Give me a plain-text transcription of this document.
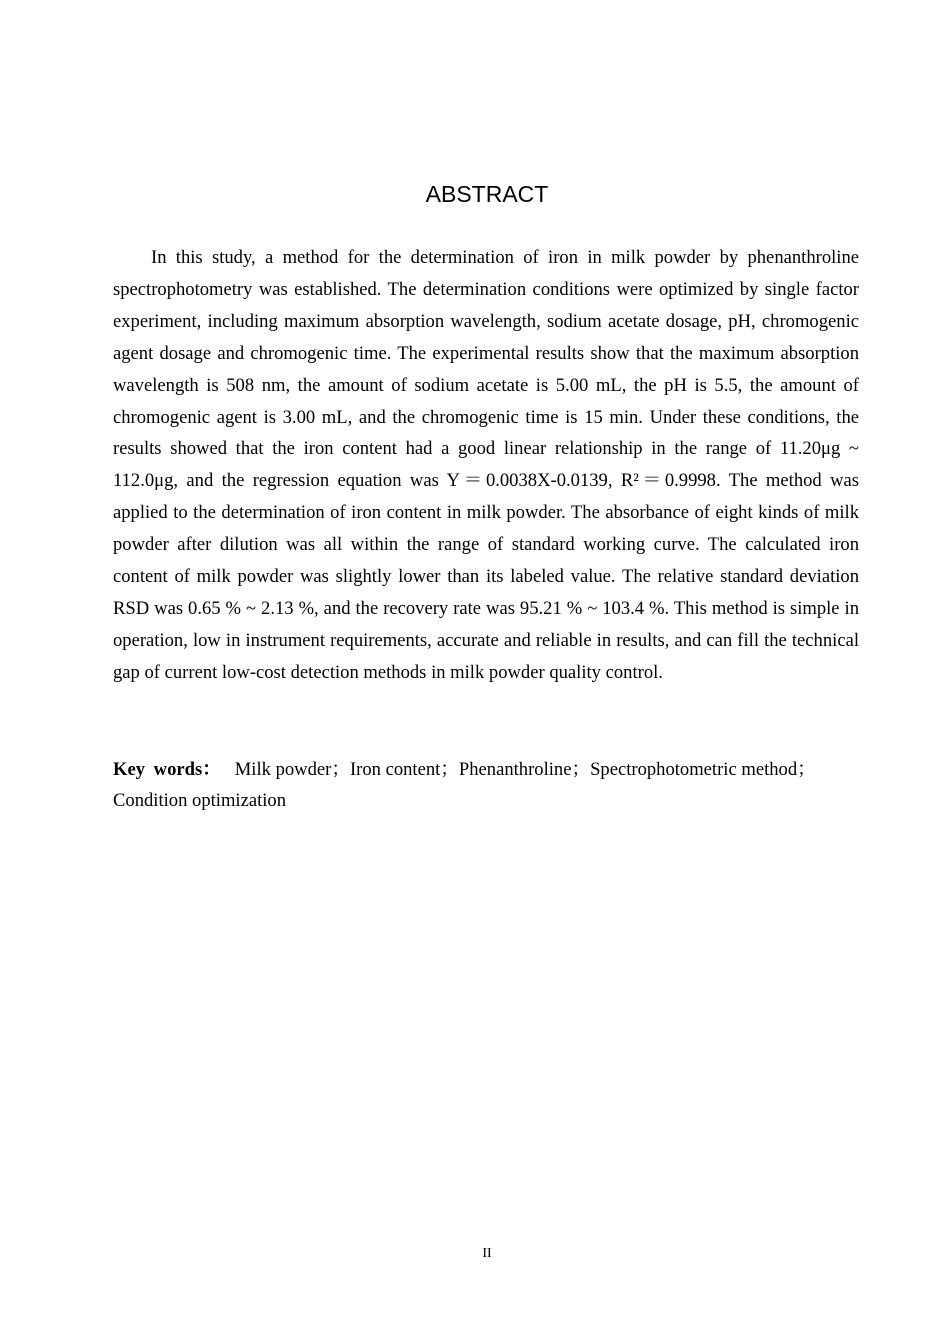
ABSTRACT

In this study, a method for the determination of iron in milk powder by phenanthroline spectrophotometry was established. The determination conditions were optimized by single factor experiment, including maximum absorption wavelength, sodium acetate dosage, pH, chromogenic agent dosage and chromogenic time. The experimental results show that the maximum absorption wavelength is 508 nm, the amount of sodium acetate is 5.00 mL, the pH is 5.5, the amount of chromogenic agent is 3.00 mL, and the chromogenic time is 15 min. Under these conditions, the results showed that the iron content had a good linear relationship in the range of 11.20μg ~ 112.0μg, and the regression equation was Y＝0.0038X-0.0139, R²＝0.9998. The method was applied to the determination of iron content in milk powder. The absorbance of eight kinds of milk powder after dilution was all within the range of standard working curve. The calculated iron content of milk powder was slightly lower than its labeled value. The relative standard deviation RSD was 0.65 % ~ 2.13 %, and the recovery rate was 95.21 % ~ 103.4 %. This method is simple in operation, low in instrument requirements, accurate and reliable in results, and can fill the technical gap of current low-cost detection methods in milk powder quality control.

Key words： Milk powder；Iron content；Phenanthroline；Spectrophotometric method；
Condition optimization

II
